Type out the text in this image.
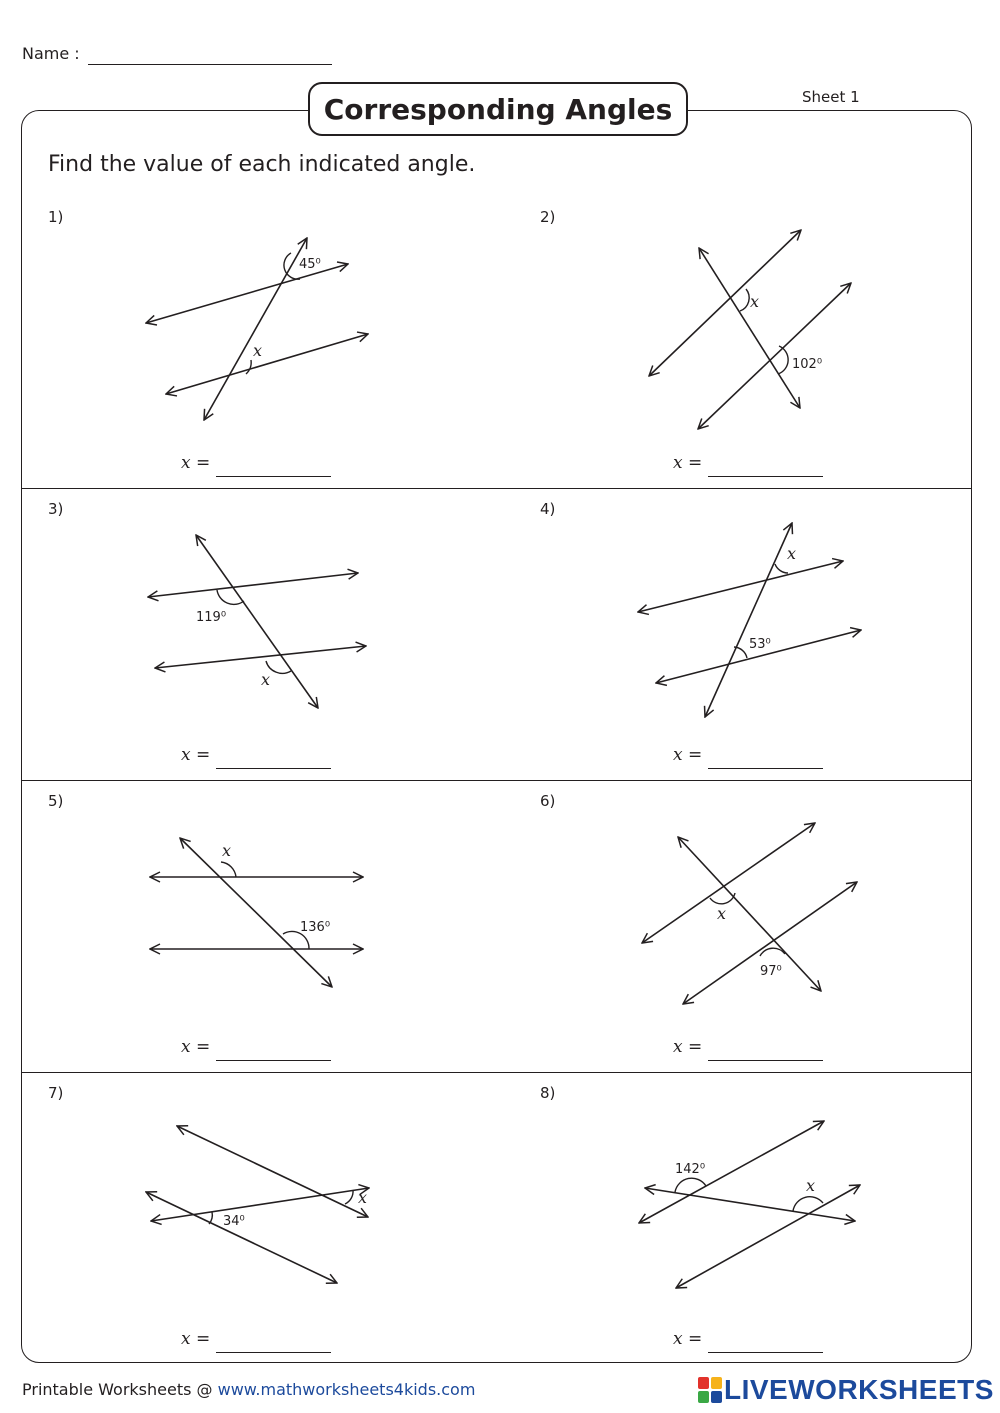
Name :
Sheet 1
Corresponding Angles
Find the value of each indicated angle.
1)	2)
3)	4)
5)	6)
7)	8)
x =	x =
x =	x =
x =	x =
x =	x =
45⁰
x
x
102⁰
119⁰
x
x
53⁰
x
136⁰
x
97⁰
x
34⁰
142⁰
x
Printable Worksheets @ www.mathworksheets4kids.com	LIVEWORKSHEETS
